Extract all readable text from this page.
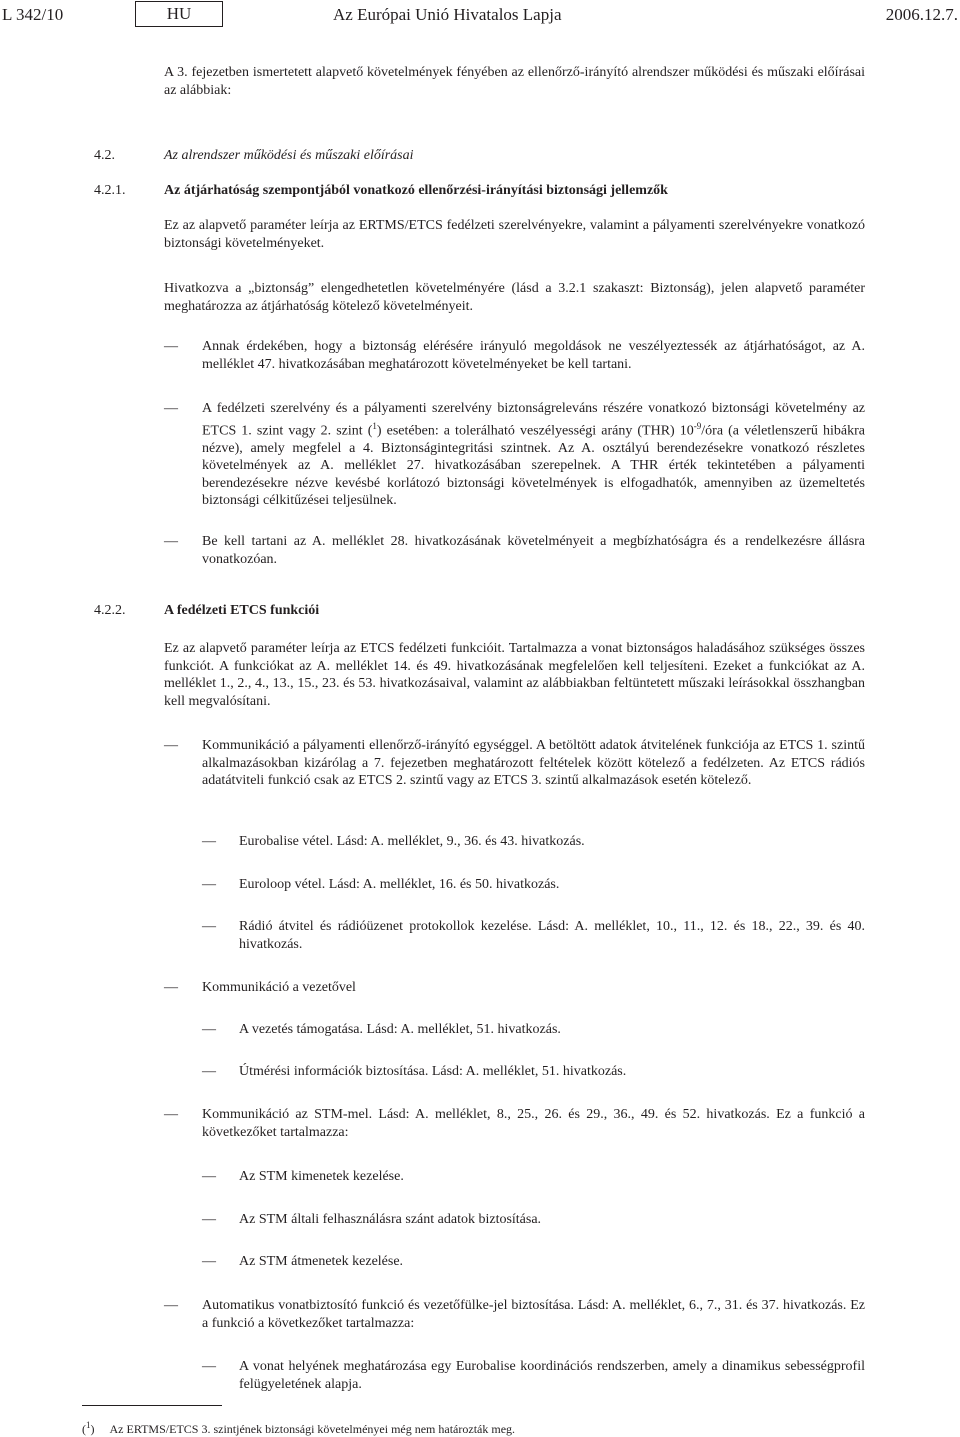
L 342/10	HU	Az Európai Unió Hivatalos Lapja	2006.12.7.
A 3. fejezetben ismertetett alapvető követelmények fényében az ellenőrző-irányító alrendszer működési és műszaki előírásai az alábbiak:
4.2.	Az alrendszer működési és műszaki előírásai
4.2.1.	Az átjárhatóság szempontjából vonatkozó ellenőrzési-irányítási biztonsági jellemzők
Ez az alapvető paraméter leírja az ERTMS/ETCS fedélzeti szerelvényekre, valamint a pályamenti szerelvényekre vonatkozó biztonsági követelményeket.
Hivatkozva a „biztonság” elengedhetetlen követelményére (lásd a 3.2.1 szakaszt: Biztonság), jelen alapvető paraméter meghatározza az átjárhatóság kötelező követelményeit.
— Annak érdekében, hogy a biztonság elérésére irányuló megoldások ne veszélyeztessék az átjárhatóságot, az A. melléklet 47. hivatkozásában meghatározott követelményeket be kell tartani.
— A fedélzeti szerelvény és a pályamenti szerelvény biztonságreleváns részére vonatkozó biztonsági követelmény az ETCS 1. szint vagy 2. szint ($^1$) esetében: a tolerálható veszélyességi arány (THR) $10^{-9}$/óra (a véletlenszerű hibákra nézve), amely megfelel a 4. Biztonságintegritási szintnek. Az A. osztályú berendezésekre vonatkozó részletes követelmények az A. melléklet 27. hivatkozásában szerepelnek. A THR érték tekintetében a pályamenti berendezésekre nézve kevésbé korlátozó biztonsági követelmények is elfogadhatók, amennyiben az üzemeltetés biztonsági célkitűzései teljesülnek.
— Be kell tartani az A. melléklet 28. hivatkozásának követelményeit a megbízhatóságra és a rendelkezésre állásra vonatkozóan.
4.2.2.	A fedélzeti ETCS funkciói
Ez az alapvető paraméter leírja az ETCS fedélzeti funkcióit. Tartalmazza a vonat biztonságos haladásához szükséges összes funkciót. A funkciókat az A. melléklet 14. és 49. hivatkozásának megfelelően kell teljesíteni. Ezeket a funkciókat az A. melléklet 1., 2., 4., 13., 15., 23. és 53. hivatkozásaival, valamint az alábbiakban feltüntetett műszaki leírásokkal összhangban kell megvalósítani.
— Kommunikáció a pályamenti ellenőrző-irányító egységgel. A betöltött adatok átvitelének funkciója az ETCS 1. szintű alkalmazásokban kizárólag a 7. fejezetben meghatározott feltételek között kötelező a fedélzeten. Az ETCS rádiós adatátviteli funkció csak az ETCS 2. szintű vagy az ETCS 3. szintű alkalmazások esetén kötelező.
— Eurobalise vétel. Lásd: A. melléklet, 9., 36. és 43. hivatkozás.
— Euroloop vétel. Lásd: A. melléklet, 16. és 50. hivatkozás.
— Rádió átvitel és rádióüzenet protokollok kezelése. Lásd: A. melléklet, 10., 11., 12. és 18., 22., 39. és 40. hivatkozás.
— Kommunikáció a vezetővel
— A vezetés támogatása. Lásd: A. melléklet, 51. hivatkozás.
— Útmérési információk biztosítása. Lásd: A. melléklet, 51. hivatkozás.
— Kommunikáció az STM-mel. Lásd: A. melléklet, 8., 25., 26. és 29., 36., 49. és 52. hivatkozás. Ez a funkció a következőket tartalmazza:
— Az STM kimenetek kezelése.
— Az STM általi felhasználásra szánt adatok biztosítása.
— Az STM átmenetek kezelése.
— Automatikus vonatbiztosító funkció és vezetőfülke-jel biztosítása. Lásd: A. melléklet, 6., 7., 31. és 37. hivatkozás. Ez a funkció a következőket tartalmazza:
— A vonat helyének meghatározása egy Eurobalise koordinációs rendszerben, amely a dinamikus sebességprofil felügyeletének alapja.
($^1$)     Az ERTMS/ETCS 3. szintjének biztonsági követelményei még nem határozták meg.
